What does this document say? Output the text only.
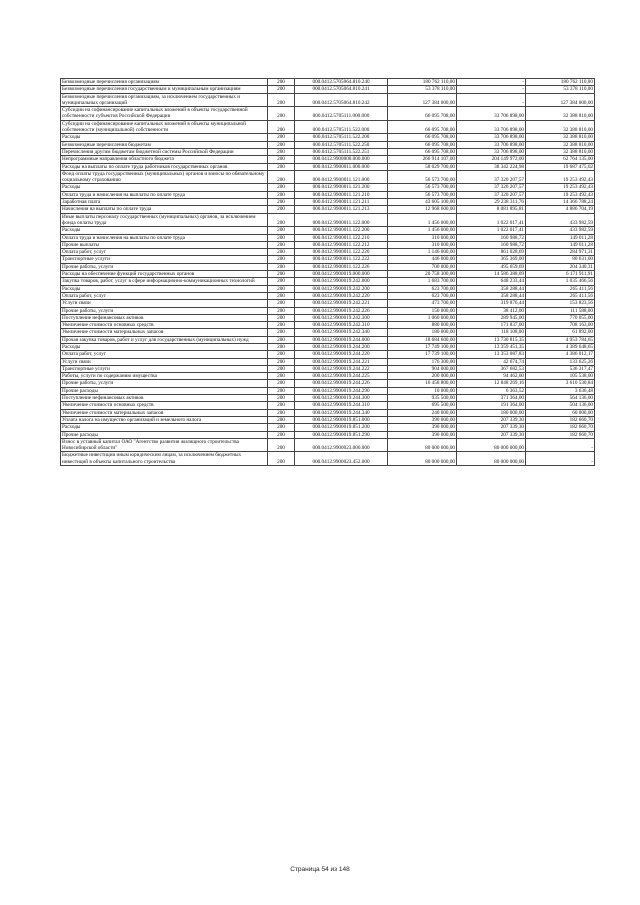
Безвозмездные перечисления организациям	200	000.0412.5705064.810.240	180 762 110,00	-	180 762 110,00
Безвозмездные перечисления государственным и муниципальным организациям	200	000.0412.5705064.810.241	53 378 110,00	-	53 378 110,00
Безвозмездные перечисления организациям, за исключением государственных и муниципальных организаций	200	000.0412.5705064.810.242	127 384 000,00	-	127 384 000,00
Субсидии на софинансирование капитальных вложений в объекты государственной собственности субъектов Российской Федерации	200	000.0412.5705111.000.000	66 095 708,00	33 706 898,00	32 388 810,00
Субсидии на софинансирование капитальных вложений в объекты муниципальной собственности (муниципальной) собственности	200	000.0412.5705111.522.000	66 095 708,00	33 706 898,00	32 388 810,00
Расходы	200	000.0412.5705111.522.200	66 095 708,00	33 706 898,00	32 388 810,00
Безвозмездные перечисления бюджетам	200	000.0412.5705111.522.250	66 095 708,00	33 706 898,00	32 388 810,00
Перечисления другим бюджетам бюджетной системы Российской Федерации	200	000.0412.5705111.522.251	66 095 708,00	33 706 898,00	32 388 810,00
Непрограммные направления областного бюджета	200	000.0412.9900000.000.000	266 914 107,00	204 149 972,00	62 764 135,00
Расходы на выплаты по оплате труда работников государственных органов	200	000.0412.9900011.000.000	58 029 700,00	38 342 224,98	19 687 475,02
Фонд оплаты труда государственных (муниципальных) органов и взносы по обязательному социальному страхованию	200	000.0412.9900011.121.000	56 573 700,00	37 320 207,57	19 253 492,43
Расходы	200	000.0412.9900011.121.200	56 573 700,00	37 320 207,57	19 253 492,43
Оплата труда и начисления на выплаты по оплате труда	200	000.0412.9900011.121.210	56 573 700,00	37 320 207,57	19 253 492,43
Заработная плата	200	000.0412.9900011.121.211	43 605 100,00	29 238 311,76	14 366 788,24
Начисления на выплаты по оплате труда	200	000.0412.9900011.121.213	12 968 600,00	8 081 895,81	4 886 704,19
Иные выплаты персоналу государственных (муниципальных) органов, за исключением фонда оплаты труда	200	000.0412.9900011.122.000	1 456 000,00	1 022 017,41	433 982,59
Расходы	200	000.0412.9900011.122.200	1 456 000,00	1 022 017,41	433 982,59
Оплата труда и начисления на выплаты по оплате труда	200	000.0412.9900011.122.210	310 000,00	160 988,72	149 011,28
Прочие выплаты	200	000.0412.9900011.122.212	310 000,00	160 988,72	149 011,28
Оплата работ, услуг	200	000.0412.9900011.122.220	1 146 000,00	861 028,69	284 971,31
Транспортные услуги	200	000.0412.9900011.122.222	446 000,00	365 369,00	80 631,00
Прочие работы, услуги	200	000.0412.9900011.122.226	700 000,00	495 659,69	204 340,31
Расходы на обеспечение функций государственных органов	200	000.0412.9900019.000.000	20 758 300,00	14 586 388,09	6 171 911,91
Закупка товаров, работ, услуг в сфере информационно-коммуникационных технологий	200	000.0412.9900019.242.000	1 683 700,00	648 233,44	1 035 466,56
Расходы	200	000.0412.9900019.242.200	623 700,00	358 288,44	265 411,56
Оплата работ, услуг	200	000.0412.9900019.242.220	623 700,00	358 288,44	265 411,56
Услуги связи	200	000.0412.9900019.242.221	473 700,00	319 876,44	153 823,56
Прочие работы, услуги	200	000.0412.9900019.242.226	150 000,00	38 412,00	111 588,00
Поступление нефинансовых активов	200	000.0412.9900019.242.300	1 060 000,00	289 945,00	770 055,00
Увеличение стоимости основных средств	200	000.0412.9900019.242.310	880 000,00	171 837,00	708 163,00
Увеличение стоимости материальных запасов	200	000.0412.9900019.242.340	180 000,00	118 108,00	61 892,00
Прочая закупка товаров, работ и услуг для государственных (муниципальных) нужд	200	000.0412.9900019.244.000	18 684 600,00	13 730 815,35	4 953 784,65
Расходы	200	000.0412.9900019.244.200	17 749 100,00	13 359 451,35	4 389 648,65
Оплата работ, услуг	200	000.0412.9900019.244.220	17 739 100,00	13 353 087,83	4 386 012,17
Услуги связи	200	000.0412.9900019.244.221	176 300,00	42 674,74	133 625,26
Транспортные услуги	200	000.0412.9900019.244.222	904 000,00	367 682,53	536 317,47
Работы, услуги по содержанию имущества	200	000.0412.9900019.244.225	200 000,00	94 462,00	105 538,00
Прочие работы, услуги	200	000.0412.9900019.244.226	16 458 800,00	12 848 269,16	3 610 530,84
Прочие расходы	200	000.0412.9900019.244.290	10 000,00	6 363,52	3 636,48
Поступление нефинансовых активов	200	000.0412.9900019.244.300	935 500,00	371 364,00	564 136,00
Увеличение стоимости основных средств	200	000.0412.9900019.244.310	695 500,00	191 364,00	504 136,00
Увеличение стоимости материальных запасов	200	000.0412.9900019.244.340	240 000,00	180 000,00	60 000,00
Уплата налога на имущество организаций и земельного налога	200	000.0412.9900019.851.000	390 000,00	207 339,30	182 660,70
Расходы	200	000.0412.9900019.851.200	390 000,00	207 339,30	182 660,70
Прочие расходы	200	000.0412.9900019.851.290	390 000,00	207 339,30	182 660,70
Взнос в уставный капитал ОАО "Агентство развития жилищного строительства Новосибирской области"	200	000.0412.9900023.000.000	80 000 000,00	80 000 000,00	-
Бюджетные инвестиции иным юридическим лицам, за исключением бюджетных инвестиций в объекты капитального строительства	200	000.0412.9900023.452.000	80 000 000,00	80 000 000,00	-
Страница 54 из 148
